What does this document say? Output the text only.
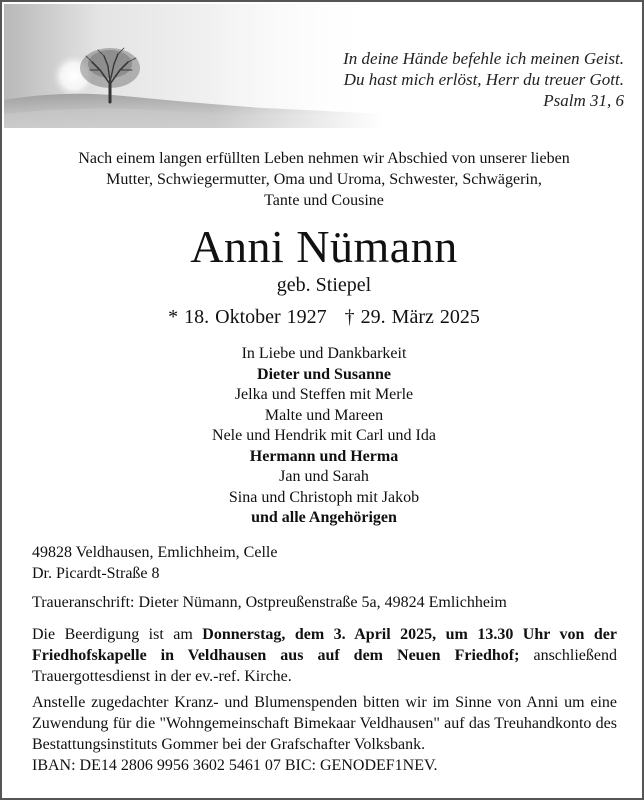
In deine Hände befehle ich meinen Geist.
Du hast mich erlöst, Herr du treuer Gott.
Psalm 31, 6
Nach einem langen erfüllten Leben nehmen wir Abschied von unserer lieben
Mutter, Schwiegermutter, Oma und Uroma, Schwester, Schwägerin,
Tante und Cousine
Anni Nümann
geb. Stiepel
* 18. Oktober 1927 † 29. März 2025
In Liebe und Dankbarkeit
Dieter und Susanne
Jelka und Steffen mit Merle
Malte und Mareen
Nele und Hendrik mit Carl und Ida
Hermann und Herma
Jan und Sarah
Sina und Christoph mit Jakob
und alle Angehörigen
49828 Veldhausen, Emlichheim, Celle
Dr. Picardt-Straße 8
Traueranschrift: Dieter Nümann, Ostpreußenstraße 5a, 49824 Emlichheim
Die Beerdigung ist am Donnerstag, dem 3. April 2025, um 13.30 Uhr von der Friedhofskapelle in Veldhausen aus auf dem Neuen Friedhof; anschließend Trauergottesdienst in der ev.-ref. Kirche.
Anstelle zugedachter Kranz- und Blumenspenden bitten wir im Sinne von Anni um eine Zuwendung für die "Wohngemeinschaft Bimekaar Veldhausen" auf das Treuhandkonto des Bestattungsinstituts Gommer bei der Grafschafter Volksbank.
IBAN: DE14 2806 9956 3602 5461 07 BIC: GENODEF1NEV.
